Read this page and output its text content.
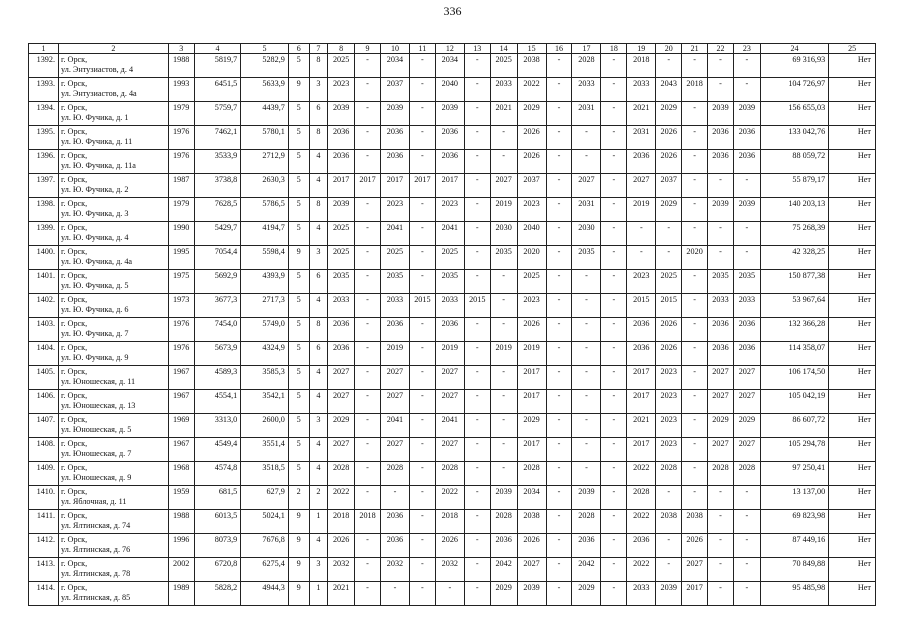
336
1	2	3	4	5	6	7	8	9	10	11	12	13	14	15	16	17	18	19	20	21	22	23	24	25
1392.	г. Орск,
ул. Энтузиастов, д. 4	1988	5819,7	5282,9	5	8	2025	-	2034	-	2034	-	2025	2038	-	2028	-	2018	-	-	-	-	69 316,93	Нет
1393.	г. Орск,
ул. Энтузиастов, д. 4а	1993	6451,5	5633,9	9	3	2023	-	2037	-	2040	-	2033	2022	-	2033	-	2033	2043	2018	-	-	104 726,97	Нет
1394.	г. Орск,
ул. Ю. Фучика, д. 1	1979	5759,7	4439,7	5	6	2039	-	2039	-	2039	-	2021	2029	-	2031	-	2021	2029	-	2039	2039	156 655,03	Нет
1395.	г. Орск,
ул. Ю. Фучика, д. 11	1976	7462,1	5780,1	5	8	2036	-	2036	-	2036	-	-	2026	-	-	-	2031	2026	-	2036	2036	133 042,76	Нет
1396.	г. Орск,
ул. Ю. Фучика, д. 11а	1976	3533,9	2712,9	5	4	2036	-	2036	-	2036	-	-	2026	-	-	-	2036	2026	-	2036	2036	88 059,72	Нет
1397.	г. Орск,
ул. Ю. Фучика, д. 2	1987	3738,8	2630,3	5	4	2017	2017	2017	2017	2017	-	2027	2037	-	2027	-	2027	2037	-	-	-	55 879,17	Нет
1398.	г. Орск,
ул. Ю. Фучика, д. 3	1979	7628,5	5786,5	5	8	2039	-	2023	-	2023	-	2019	2023	-	2031	-	2019	2029	-	2039	2039	140 203,13	Нет
1399.	г. Орск,
ул. Ю. Фучика, д. 4	1990	5429,7	4194,7	5	4	2025	-	2041	-	2041	-	2030	2040	-	2030	-	-	-	-	-	-	75 268,39	Нет
1400.	г. Орск,
ул. Ю. Фучика, д. 4а	1995	7054,4	5598,4	9	3	2025	-	2025	-	2025	-	2035	2020	-	2035	-	-	-	2020	-	-	42 328,25	Нет
1401.	г. Орск,
ул. Ю. Фучика, д. 5	1975	5692,9	4393,9	5	6	2035	-	2035	-	2035	-	-	2025	-	-	-	2023	2025	-	2035	2035	150 877,38	Нет
1402.	г. Орск,
ул. Ю. Фучика, д. 6	1973	3677,3	2717,3	5	4	2033	-	2033	2015	2033	2015	-	2023	-	-	-	2015	2015	-	2033	2033	53 967,64	Нет
1403.	г. Орск,
ул. Ю. Фучика, д. 7	1976	7454,0	5749,0	5	8	2036	-	2036	-	2036	-	-	2026	-	-	-	2036	2026	-	2036	2036	132 366,28	Нет
1404.	г. Орск,
ул. Ю. Фучика, д. 9	1976	5673,9	4324,9	5	6	2036	-	2019	-	2019	-	2019	2019	-	-	-	2036	2026	-	2036	2036	114 358,07	Нет
1405.	г. Орск,
ул. Юношеская, д. 11	1967	4589,3	3585,3	5	4	2027	-	2027	-	2027	-	-	2017	-	-	-	2017	2023	-	2027	2027	106 174,50	Нет
1406.	г. Орск,
ул. Юношеская, д. 13	1967	4554,1	3542,1	5	4	2027	-	2027	-	2027	-	-	2017	-	-	-	2017	2023	-	2027	2027	105 042,19	Нет
1407.	г. Орск,
ул. Юношеская, д. 5	1969	3313,0	2600,0	5	3	2029	-	2041	-	2041	-	-	2029	-	-	-	2021	2023	-	2029	2029	86 607,72	Нет
1408.	г. Орск,
ул. Юношеская, д. 7	1967	4549,4	3551,4	5	4	2027	-	2027	-	2027	-	-	2017	-	-	-	2017	2023	-	2027	2027	105 294,78	Нет
1409.	г. Орск,
ул. Юношеская, д. 9	1968	4574,8	3518,5	5	4	2028	-	2028	-	2028	-	-	2028	-	-	-	2022	2028	-	2028	2028	97 250,41	Нет
1410.	г. Орск,
ул. Яблочная, д. 11	1959	681,5	627,9	2	2	2022	-	-	-	2022	-	2039	2034	-	2039	-	2028	-	-	-	-	13 137,00	Нет
1411.	г. Орск,
ул. Ялтинская, д. 74	1988	6013,5	5024,1	9	1	2018	2018	2036	-	2018	-	2028	2038	-	2028	-	2022	2038	2038	-	-	69 823,98	Нет
1412.	г. Орск,
ул. Ялтинская, д. 76	1996	8073,9	7676,8	9	4	2026	-	2036	-	2026	-	2036	2026	-	2036	-	2036	-	2026	-	-	87 449,16	Нет
1413.	г. Орск,
ул. Ялтинская, д. 78	2002	6720,8	6275,4	9	3	2032	-	2032	-	2032	-	2042	2027	-	2042	-	2022	-	2027	-	-	70 849,88	Нет
1414.	г. Орск,
ул. Ялтинская, д. 85	1989	5828,2	4944,3	9	1	2021	-	-	-	-	-	2029	2039	-	2029	-	2033	2039	2017	-	-	95 485,98	Нет
